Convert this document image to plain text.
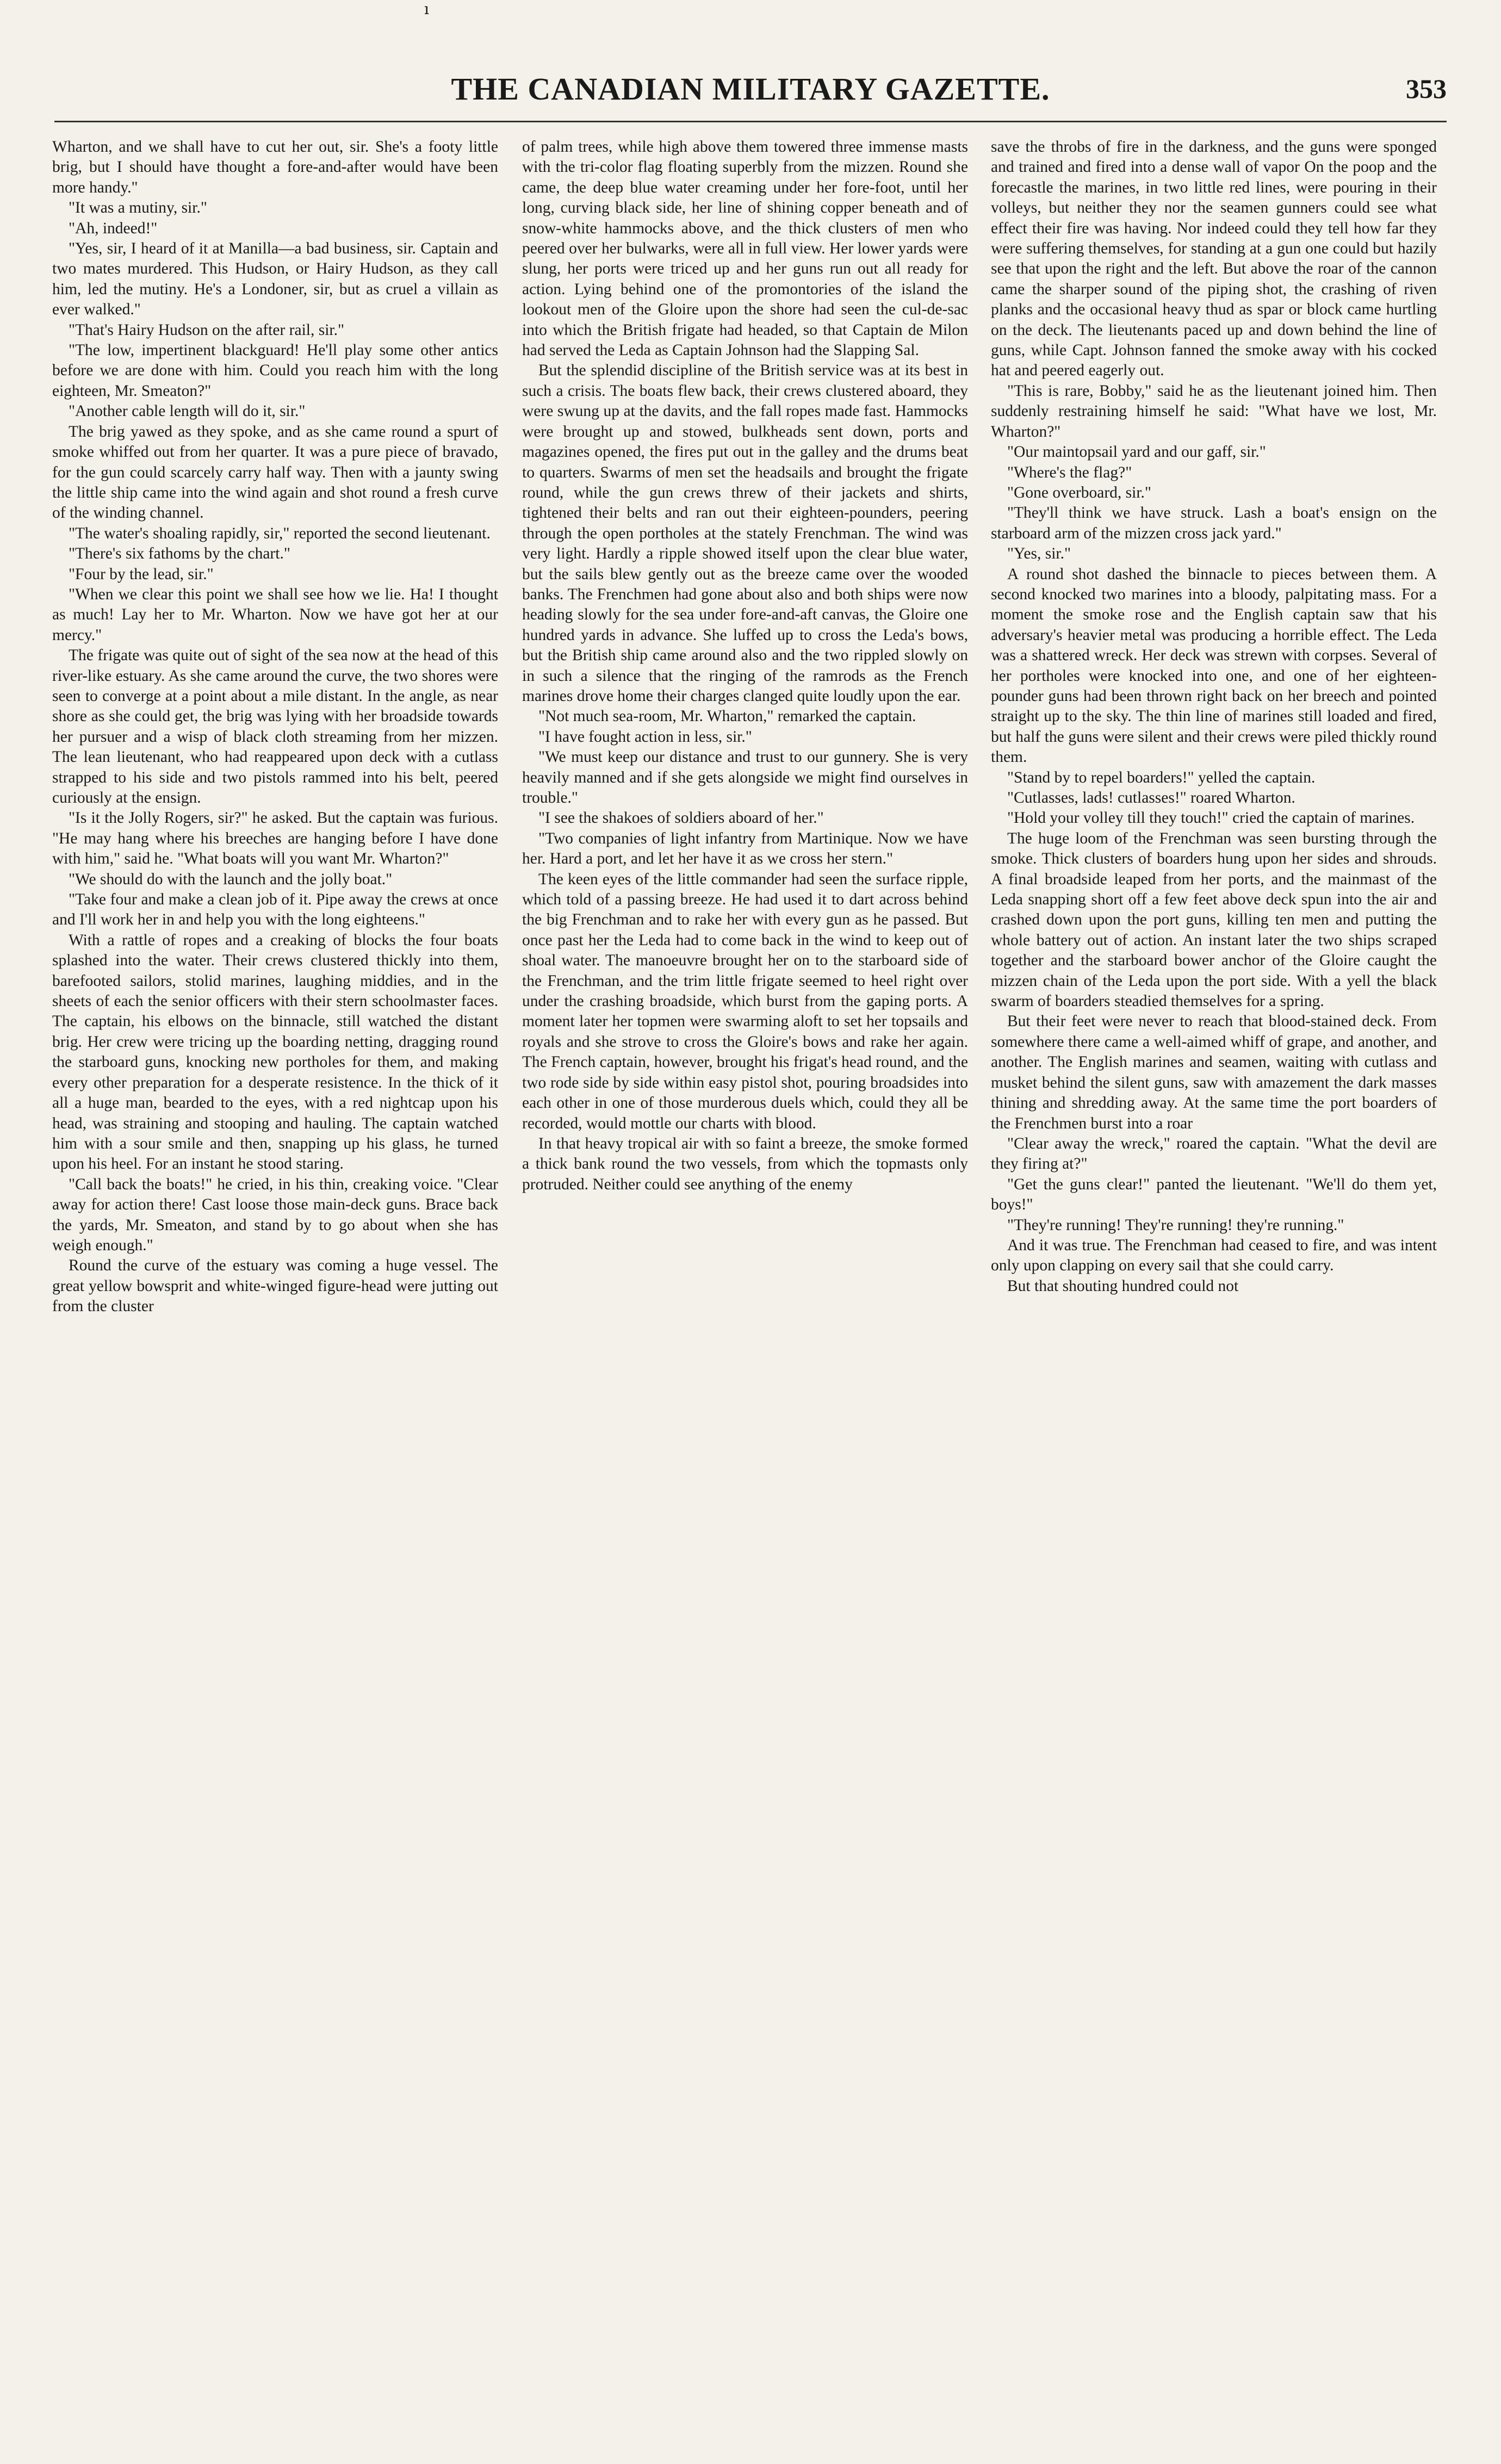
ı
THE CANADIAN MILITARY GAZETTE.	353

Wharton, and we shall have to cut her out, sir. She's a footy little brig, but I should have thought a fore-and-after would have been more handy."

"It was a mutiny, sir."

"Ah, indeed!"

"Yes, sir, I heard of it at Manilla—a bad business, sir. Captain and two mates murdered. This Hudson, or Hairy Hudson, as they call him, led the mutiny. He's a Londoner, sir, but as cruel a villain as ever walked."

"That's Hairy Hudson on the after rail, sir."

"The low, impertinent blackguard! He'll play some other antics before we are done with him. Could you reach him with the long eighteen, Mr. Smeaton?"

"Another cable length will do it, sir."

The brig yawed as they spoke, and as she came round a spurt of smoke whiffed out from her quarter. It was a pure piece of bravado, for the gun could scarcely carry half way. Then with a jaunty swing the little ship came into the wind again and shot round a fresh curve of the winding channel.

"The water's shoaling rapidly, sir," reported the second lieutenant.

"There's six fathoms by the chart."

"Four by the lead, sir."

"When we clear this point we shall see how we lie. Ha! I thought as much! Lay her to Mr. Wharton. Now we have got her at our mercy."

The frigate was quite out of sight of the sea now at the head of this river-like estuary. As she came around the curve, the two shores were seen to converge at a point about a mile distant. In the angle, as near shore as she could get, the brig was lying with her broadside towards her pursuer and a wisp of black cloth streaming from her mizzen. The lean lieutenant, who had reappeared upon deck with a cutlass strapped to his side and two pistols rammed into his belt, peered curiously at the ensign.

"Is it the Jolly Rogers, sir?" he asked. But the captain was furious. "He may hang where his breeches are hanging before I have done with him," said he. "What boats will you want Mr. Wharton?"

"We should do with the launch and the jolly boat."

"Take four and make a clean job of it. Pipe away the crews at once and I'll work her in and help you with the long eighteens."

With a rattle of ropes and a creaking of blocks the four boats splashed into the water. Their crews clustered thickly into them, barefooted sailors, stolid marines, laughing middies, and in the sheets of each the senior officers with their stern schoolmaster faces. The captain, his elbows on the binnacle, still watched the distant brig. Her crew were tricing up the boarding netting, dragging round the starboard guns, knocking new portholes for them, and making every other preparation for a desperate resistence. In the thick of it all a huge man, bearded to the eyes, with a red nightcap upon his head, was straining and stooping and hauling. The captain watched him with a sour smile and then, snapping up his glass, he turned upon his heel. For an instant he stood staring.

"Call back the boats!" he cried, in his thin, creaking voice. "Clear away for action there! Cast loose those main-deck guns. Brace back the yards, Mr. Smeaton, and stand by to go about when she has weigh enough."

Round the curve of the estuary was coming a huge vessel. The great yellow bowsprit and white-winged figure-head were jutting out from the cluster

of palm trees, while high above them towered three immense masts with the tri-color flag floating superbly from the mizzen. Round she came, the deep blue water creaming under her fore-foot, until her long, curving black side, her line of shining copper beneath and of snow-white hammocks above, and the thick clusters of men who peered over her bulwarks, were all in full view. Her lower yards were slung, her ports were triced up and her guns run out all ready for action. Lying behind one of the promontories of the island the lookout men of the Gloire upon the shore had seen the cul-de-sac into which the British frigate had headed, so that Captain de Milon had served the Leda as Captain Johnson had the Slapping Sal.

But the splendid discipline of the British service was at its best in such a crisis. The boats flew back, their crews clustered aboard, they were swung up at the davits, and the fall ropes made fast. Hammocks were brought up and stowed, bulkheads sent down, ports and magazines opened, the fires put out in the galley and the drums beat to quarters. Swarms of men set the headsails and brought the frigate round, while the gun crews threw of their jackets and shirts, tightened their belts and ran out their eighteen-pounders, peering through the open portholes at the stately Frenchman. The wind was very light. Hardly a ripple showed itself upon the clear blue water, but the sails blew gently out as the breeze came over the wooded banks. The Frenchmen had gone about also and both ships were now heading slowly for the sea under fore-and-aft canvas, the Gloire one hundred yards in advance. She luffed up to cross the Leda's bows, but the British ship came around also and the two rippled slowly on in such a silence that the ringing of the ramrods as the French marines drove home their charges clanged quite loudly upon the ear.

"Not much sea-room, Mr. Wharton," remarked the captain.

"I have fought action in less, sir."

"We must keep our distance and trust to our gunnery. She is very heavily manned and if she gets alongside we might find ourselves in trouble."

"I see the shakoes of soldiers aboard of her."

"Two companies of light infantry from Martinique. Now we have her. Hard a port, and let her have it as we cross her stern."

The keen eyes of the little commander had seen the surface ripple, which told of a passing breeze. He had used it to dart across behind the big Frenchman and to rake her with every gun as he passed. But once past her the Leda had to come back in the wind to keep out of shoal water. The manoeuvre brought her on to the starboard side of the Frenchman, and the trim little frigate seemed to heel right over under the crashing broadside, which burst from the gaping ports. A moment later her topmen were swarming aloft to set her topsails and royals and she strove to cross the Gloire's bows and rake her again. The French captain, however, brought his frigat's head round, and the two rode side by side within easy pistol shot, pouring broadsides into each other in one of those murderous duels which, could they all be recorded, would mottle our charts with blood.

In that heavy tropical air with so faint a breeze, the smoke formed a thick bank round the two vessels, from which the topmasts only protruded. Neither could see anything of the enemy

save the throbs of fire in the darkness, and the guns were sponged and trained and fired into a dense wall of vapor On the poop and the forecastle the marines, in two little red lines, were pouring in their volleys, but neither they nor the seamen gunners could see what effect their fire was having. Nor indeed could they tell how far they were suffering themselves, for standing at a gun one could but hazily see that upon the right and the left. But above the roar of the cannon came the sharper sound of the piping shot, the crashing of riven planks and the occasional heavy thud as spar or block came hurtling on the deck. The lieutenants paced up and down behind the line of guns, while Capt. Johnson fanned the smoke away with his cocked hat and peered eagerly out.

"This is rare, Bobby," said he as the lieutenant joined him. Then suddenly restraining himself he said: "What have we lost, Mr. Wharton?"

"Our maintopsail yard and our gaff, sir."

"Where's the flag?"

"Gone overboard, sir."

"They'll think we have struck. Lash a boat's ensign on the starboard arm of the mizzen cross jack yard."

"Yes, sir."

A round shot dashed the binnacle to pieces between them. A second knocked two marines into a bloody, palpitating mass. For a moment the smoke rose and the English captain saw that his adversary's heavier metal was producing a horrible effect. The Leda was a shattered wreck. Her deck was strewn with corpses. Several of her portholes were knocked into one, and one of her eighteen-pounder guns had been thrown right back on her breech and pointed straight up to the sky. The thin line of marines still loaded and fired, but half the guns were silent and their crews were piled thickly round them.

"Stand by to repel boarders!" yelled the captain.

"Cutlasses, lads! cutlasses!" roared Wharton.

"Hold your volley till they touch!" cried the captain of marines.

The huge loom of the Frenchman was seen bursting through the smoke. Thick clusters of boarders hung upon her sides and shrouds. A final broadside leaped from her ports, and the mainmast of the Leda snapping short off a few feet above deck spun into the air and crashed down upon the port guns, killing ten men and putting the whole battery out of action. An instant later the two ships scraped together and the starboard bower anchor of the Gloire caught the mizzen chain of the Leda upon the port side. With a yell the black swarm of boarders steadied themselves for a spring.

But their feet were never to reach that blood-stained deck. From somewhere there came a well-aimed whiff of grape, and another, and another. The English marines and seamen, waiting with cutlass and musket behind the silent guns, saw with amazement the dark masses thining and shredding away. At the same time the port boarders of the Frenchmen burst into a roar

"Clear away the wreck," roared the captain. "What the devil are they firing at?"

"Get the guns clear!" panted the lieutenant. "We'll do them yet, boys!"

"They're running! They're running! they're running."

And it was true. The Frenchman had ceased to fire, and was intent only upon clapping on every sail that she could carry.

But that shouting hundred could not
